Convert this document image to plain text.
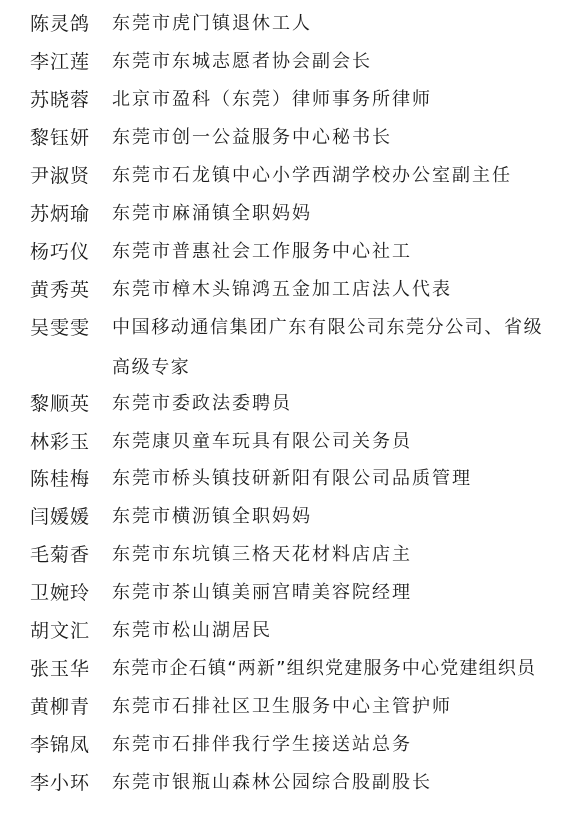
陈灵鸽 东莞市虎门镇退休工人
李江莲 东莞市东城志愿者协会副会长
苏晓蓉 北京市盈科（东莞）律师事务所律师
黎钰妍 东莞市创一公益服务中心秘书长
尹淑贤 东莞市石龙镇中心小学西湖学校办公室副主任
苏炳瑜 东莞市麻涌镇全职妈妈
杨巧仪 东莞市普惠社会工作服务中心社工
黄秀英 东莞市樟木头锦鸿五金加工店法人代表
吴雯雯 中国移动通信集团广东有限公司东莞分公司、省级高级专家
黎顺英 东莞市委政法委聘员
林彩玉 东莞康贝童车玩具有限公司关务员
陈桂梅 东莞市桥头镇技研新阳有限公司品质管理
闫媛媛 东莞市横沥镇全职妈妈
毛菊香 东莞市东坑镇三格天花材料店店主
卫婉玲 东莞市茶山镇美丽宫晴美容院经理
胡文汇 东莞市松山湖居民
张玉华 东莞市企石镇“两新”组织党建服务中心党建组织员
黄柳青 东莞市石排社区卫生服务中心主管护师
李锦凤 东莞市石排伴我行学生接送站总务
李小环 东莞市银瓶山森林公园综合股副股长
